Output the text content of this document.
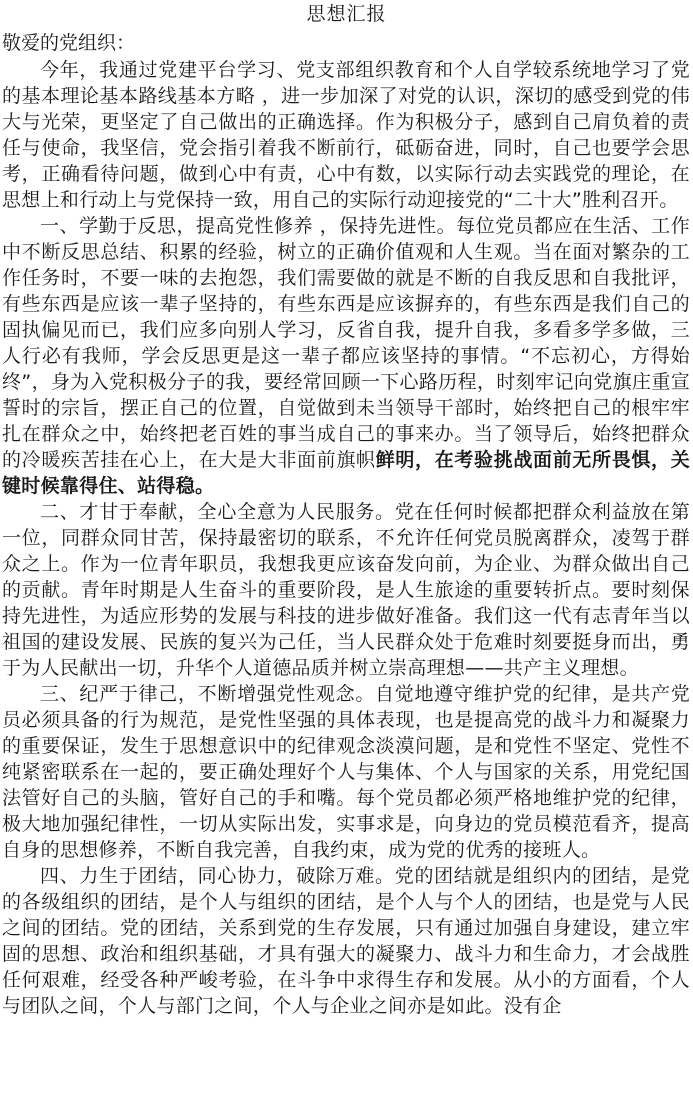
思想汇报
敬爱的党组织：

今年，我通过党建平台学习、党支部组织教育和个人自学较系统地学习了党的基本理论基本路线基本方略 ，进一步加深了对党的认识，深切的感受到党的伟大与光荣，更坚定了自己做出的正确选择。作为积极分子，感到自己肩负着的责任与使命，我坚信，党会指引着我不断前行，砥砺奋进，同时，自己也要学会思考，正确看待问题，做到心中有责，心中有数，以实际行动去实践党的理论，在思想上和行动上与党保持一致，用自己的实际行动迎接党的“二十大”胜利召开。

一、学勤于反思，提高党性修养 ，保持先进性。每位党员都应在生活、工作中不断反思总结、积累的经验，树立的正确价值观和人生观。当在面对繁杂的工作任务时，不要一味的去抱怨，我们需要做的就是不断的自我反思和自我批评，有些东西是应该一辈子坚持的，有些东西是应该摒弃的，有些东西是我们自己的固执偏见而已，我们应多向别人学习，反省自我，提升自我，多看多学多做，三人行必有我师，学会反思更是这一辈子都应该坚持的事情。“不忘初心，方得始终”，身为入党积极分子的我，要经常回顾一下心路历程，时刻牢记向党旗庄重宣誓时的宗旨，摆正自己的位置，自觉做到未当领导干部时，始终把自己的根牢牢扎在群众之中，始终把老百姓的事当成自己的事来办。当了领导后，始终把群众的冷暖疾苦挂在心上，在大是大非面前旗帜鲜明，在考验挑战面前无所畏惧，关键时候靠得住、站得稳。

二、才甘于奉献，全心全意为人民服务。党在任何时候都把群众利益放在第一位，同群众同甘苦，保持最密切的联系，不允许任何党员脱离群众，凌驾于群众之上。作为一位青年职员，我想我更应该奋发向前，为企业、为群众做出自己的贡献。青年时期是人生奋斗的重要阶段，是人生旅途的重要转折点。要时刻保持先进性，为适应形势的发展与科技的进步做好准备。我们这一代有志青年当以祖国的建设发展、民族的复兴为己任，当人民群众处于危难时刻要挺身而出，勇于为人民献出一切，升华个人道德品质并树立崇高理想——共产主义理想。

三、纪严于律己，不断增强党性观念。自觉地遵守维护党的纪律，是共产党员必须具备的行为规范，是党性坚强的具体表现，也是提高党的战斗力和凝聚力的重要保证，发生于思想意识中的纪律观念淡漠问题，是和党性不坚定、党性不纯紧密联系在一起的，要正确处理好个人与集体、个人与国家的关系，用党纪国法管好自己的头脑，管好自己的手和嘴。每个党员都必须严格地维护党的纪律，极大地加强纪律性，一切从实际出发，实事求是，向身边的党员模范看齐，提高自身的思想修养，不断自我完善，自我约束，成为党的优秀的接班人。

四、力生于团结，同心协力，破除万难。党的团结就是组织内的团结，是党的各级组织的团结，是个人与组织的团结，是个人与个人的团结，也是党与人民之间的团结。党的团结，关系到党的生存发展，只有通过加强自身建设，建立牢固的思想、政治和组织基础，才具有强大的凝聚力、战斗力和生命力，才会战胜任何艰难，经受各种严峻考验，在斗争中求得生存和发展。从小的方面看，个人与团队之间，个人与部门之间，个人与企业之间亦是如此。没有企
